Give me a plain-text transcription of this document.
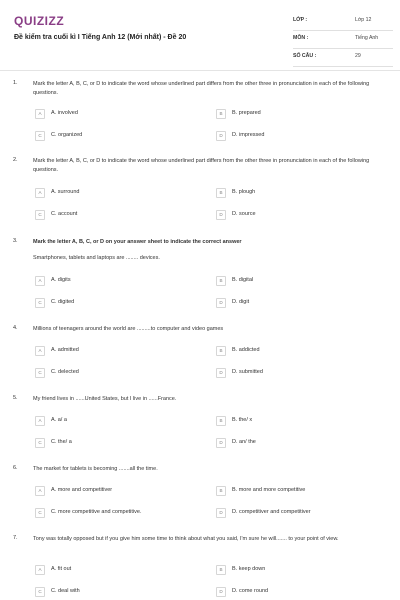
QUIZIZZ
Đề kiểm tra cuối kì I Tiếng Anh 12 (Mới nhất) - Đề 20
LỚP :	Lớp 12
MÔN :	Tiếng Anh
SỐ CÂU :	29
1.	Mark the letter A, B, C, or D to indicate the word whose underlined part differs from the other three in pronunciation in each of the following questions.
A	A. involved	B	B. prepared
C	C. organized	D	D. impressed
2.	Mark the letter A, B, C, or D to indicate the word whose underlined part differs from the other three in pronunciation in each of the following questions.
A	A. surround	B	B. plough
C	C. account	D	D. source
3.	Mark the letter A, B, C, or D on your answer sheet to indicate the correct answer
Smartphones, tablets and laptops are ........ devices.
A	A. digits	B	B. digital
C	C. digited	D	D. digit
4.	Millions of teenagers around the world are .........to computer and video games
A	A. admitted	B	B. addicted
C	C. delected	D	D. submitted
5.	My friend lives in ......United States, but I live in ......France.
A	A. a/ a	B	B. the/ x
C	C. the/ a	D	D. an/ the
6.	The market for tablets is becoming .......all the time.
A	A. more and competitiver	B	B. more and more competitive
C	C. more competitive and competitive.	D	D. competitiver and competitiver
7.	Tony was totally opposed but if you give him some time to think about what you said, I'm sure he will....... to your point of view.
A	A. fit out	B	B. keep down
C	C. deal with	D	D. come round
